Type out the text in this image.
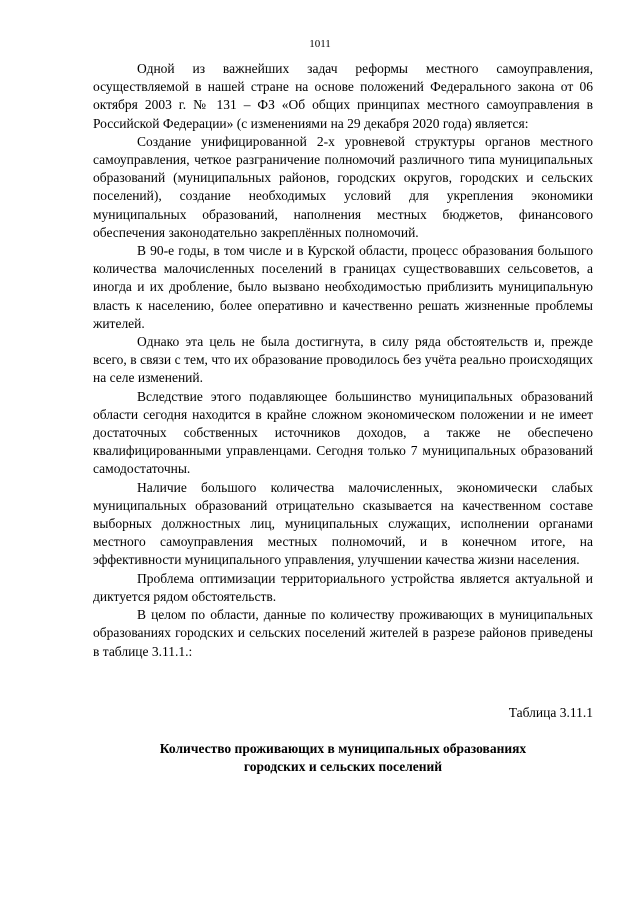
1011

Одной из важнейших задач реформы местного самоуправления, осуществляемой в нашей стране на основе положений Федерального закона от 06 октября 2003 г. № 131 – ФЗ «Об общих принципах местного самоуправления в Российской Федерации» (с изменениями на 29 декабря 2020 года) является:

Создание унифицированной 2-х уровневой структуры органов местного самоуправления, четкое разграничение полномочий различного типа муниципальных образований (муниципальных районов, городских округов, городских и сельских поселений), создание необходимых условий для укрепления экономики муниципальных образований, наполнения местных бюджетов, финансового обеспечения законодательно закреплённых полномочий.

В 90-е годы, в том числе и в Курской области, процесс образования большого количества малочисленных поселений в границах существовавших сельсоветов, а иногда и их дробление, было вызвано необходимостью приблизить муниципальную власть к населению, более оперативно и качественно решать жизненные проблемы жителей.

Однако эта цель не была достигнута, в силу ряда обстоятельств и, прежде всего, в связи с тем, что их образование проводилось без учёта реально происходящих на селе изменений.

Вследствие этого подавляющее большинство муниципальных образований области сегодня находится в крайне сложном экономическом положении и не имеет достаточных собственных источников доходов, а также не обеспечено квалифицированными управленцами. Сегодня только 7 муниципальных образований самодостаточны.

Наличие большого количества малочисленных, экономически слабых муниципальных образований отрицательно сказывается на качественном составе выборных должностных лиц, муниципальных служащих, исполнении органами местного самоуправления местных полномочий, и в конечном итоге, на эффективности муниципального управления, улучшении качества жизни населения.

Проблема оптимизации территориального устройства является актуальной и диктуется рядом обстоятельств.

В целом по области, данные по количеству проживающих в муниципальных образованиях городских и сельских поселений жителей в разрезе районов приведены в таблице 3.11.1.:

Таблица 3.11.1
Количество проживающих в муниципальных образованиях
городских и сельских поселений
